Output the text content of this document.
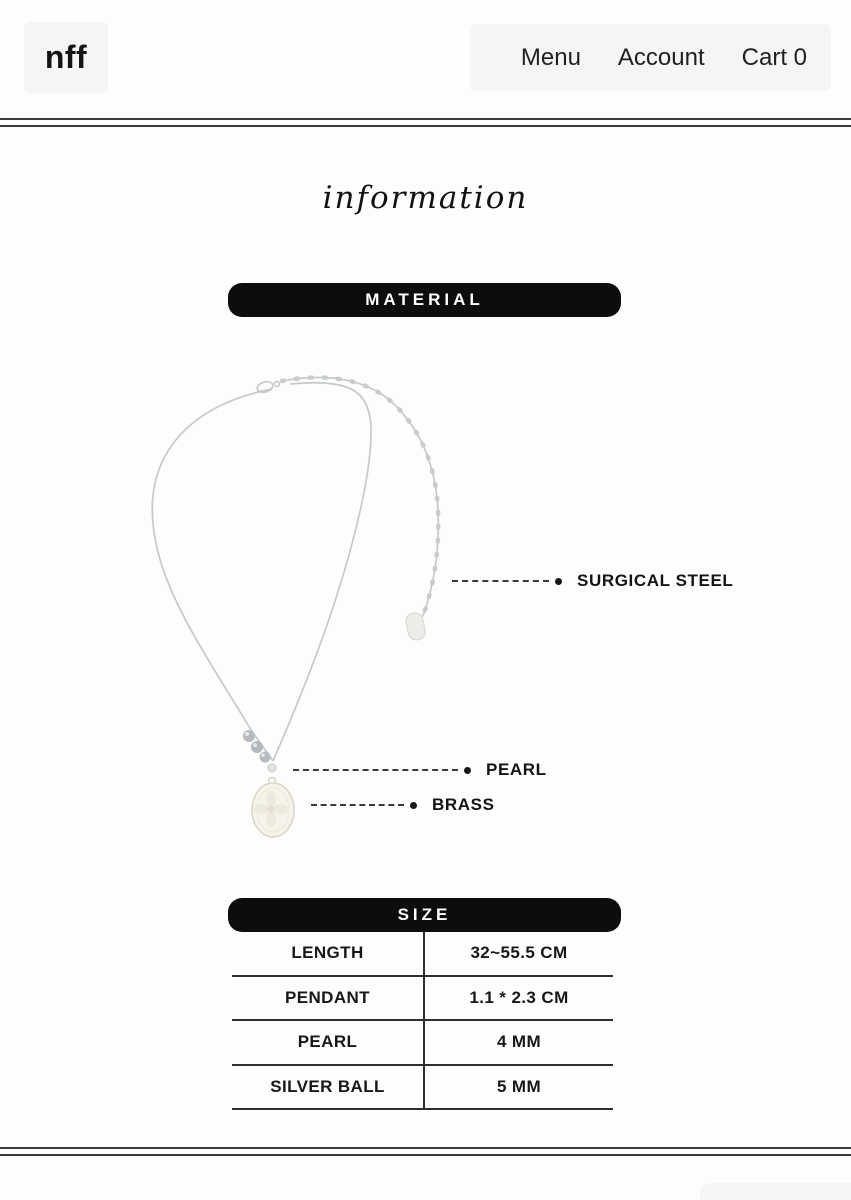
nff	Menu Account Cart 0
information
MATERIAL
SURGICAL STEEL
PEARL
BRASS
SIZE
LENGTH	32~55.5 CM
PENDANT	1.1 * 2.3 CM
PEARL	4 MM
SILVER BALL	5 MM
